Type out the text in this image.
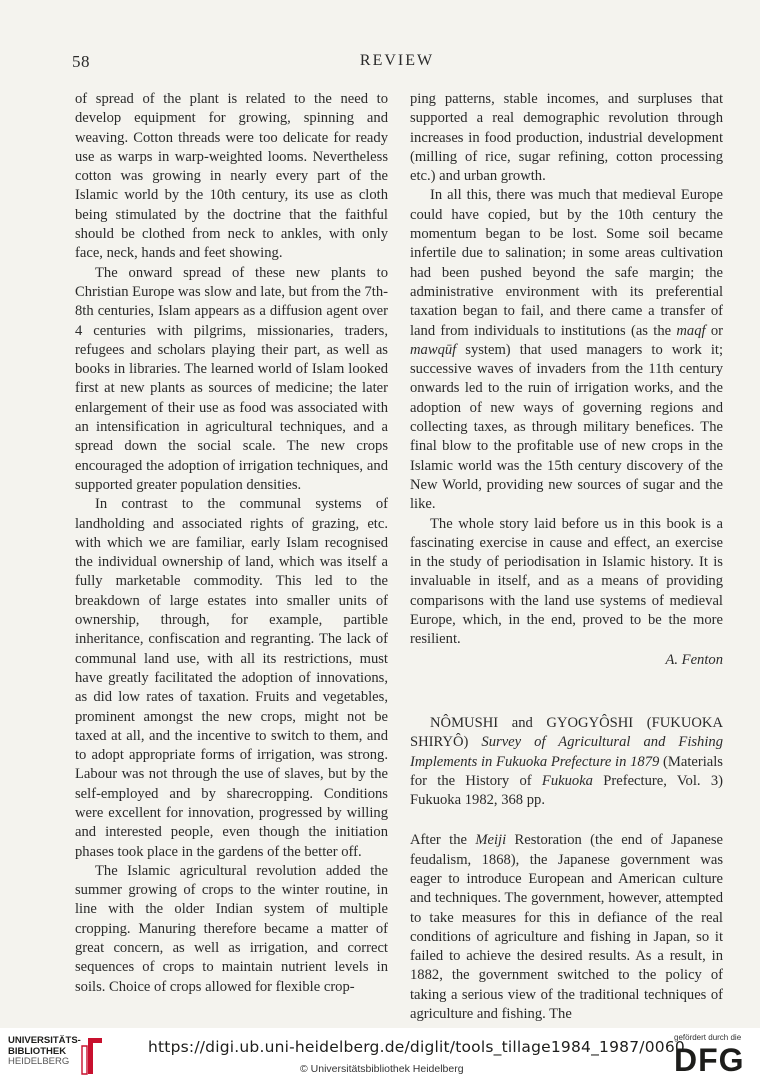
58	REVIEW

of spread of the plant is related to the need to develop equipment for growing, spinning and weaving. Cotton threads were too delicate for ready use as warps in warp-weighted looms. Nevertheless cotton was growing in nearly every part of the Islamic world by the 10th century, its use as cloth being stimulated by the doctrine that the faithful should be clothed from neck to ankles, with only face, neck, hands and feet showing.

The onward spread of these new plants to Christian Europe was slow and late, but from the 7th-8th centuries, Islam appears as a diffusion agent over 4 centuries with pilgrims, missionaries, traders, refugees and scholars playing their part, as well as books in libraries. The learned world of Islam looked first at new plants as sources of medicine; the later enlargement of their use as food was associated with an intensification in agricultural techniques, and a spread down the social scale. The new crops encouraged the adoption of irrigation techniques, and supported greater population densities.

In contrast to the communal systems of landholding and associated rights of grazing, etc. with which we are familiar, early Islam recognised the individual ownership of land, which was itself a fully marketable commodity. This led to the breakdown of large estates into smaller units of ownership, through, for example, partible inheritance, confiscation and regranting. The lack of communal land use, with all its restrictions, must have greatly facilitated the adoption of innovations, as did low rates of taxation. Fruits and vegetables, prominent amongst the new crops, might not be taxed at all, and the incentive to switch to them, and to adopt appropriate forms of irrigation, was strong. Labour was not through the use of slaves, but by the self-employed and by sharecropping. Conditions were excellent for innovation, progressed by willing and interested people, even though the initiation phases took place in the gardens of the better off.

The Islamic agricultural revolution added the summer growing of crops to the winter routine, in line with the older Indian system of multiple cropping. Manuring therefore became a matter of great concern, as well as irrigation, and correct sequences of crops to maintain nutrient levels in soils. Choice of crops allowed for flexible crop-

ping patterns, stable incomes, and surpluses that supported a real demographic revolution through increases in food production, industrial development (milling of rice, sugar refining, cotton processing etc.) and urban growth.

In all this, there was much that medieval Europe could have copied, but by the 10th century the momentum began to be lost. Some soil became infertile due to salination; in some areas cultivation had been pushed beyond the safe margin; the administrative environment with its preferential taxation began to fail, and there came a transfer of land from individuals to institutions (as the maqf or mawqūf system) that used managers to work it; successive waves of invaders from the 11th century onwards led to the ruin of irrigation works, and the adoption of new ways of governing regions and collecting taxes, as through military benefices. The final blow to the profitable use of new crops in the Islamic world was the 15th century discovery of the New World, providing new sources of sugar and the like.

The whole story laid before us in this book is a fascinating exercise in cause and effect, an exercise in the study of periodisation in Islamic history. It is invaluable in itself, and as a means of providing comparisons with the land use systems of medieval Europe, which, in the end, proved to be the more resilient.

A. Fenton

NÔMUSHI and GYOGYÔSHI (FUKUOKA SHIRYÔ) Survey of Agricultural and Fishing Implements in Fukuoka Prefecture in 1879 (Materials for the History of Fukuoka Prefecture, Vol. 3) Fukuoka 1982, 368 pp.

After the Meiji Restoration (the end of Japanese feudalism, 1868), the Japanese government was eager to introduce European and American culture and techniques. The government, however, attempted to take measures for this in defiance of the real conditions of agriculture and fishing in Japan, so it failed to achieve the desired results. As a result, in 1882, the government switched to the policy of taking a serious view of the traditional techniques of agriculture and fishing. The

UNIVERSITÄTS-
BIBLIOTHEK
HEIDELBERG
https://digi.ub.uni-heidelberg.de/diglit/tools_tillage1984_1987/0060
© Universitätsbibliothek Heidelberg
gefördert durch die
DFG
